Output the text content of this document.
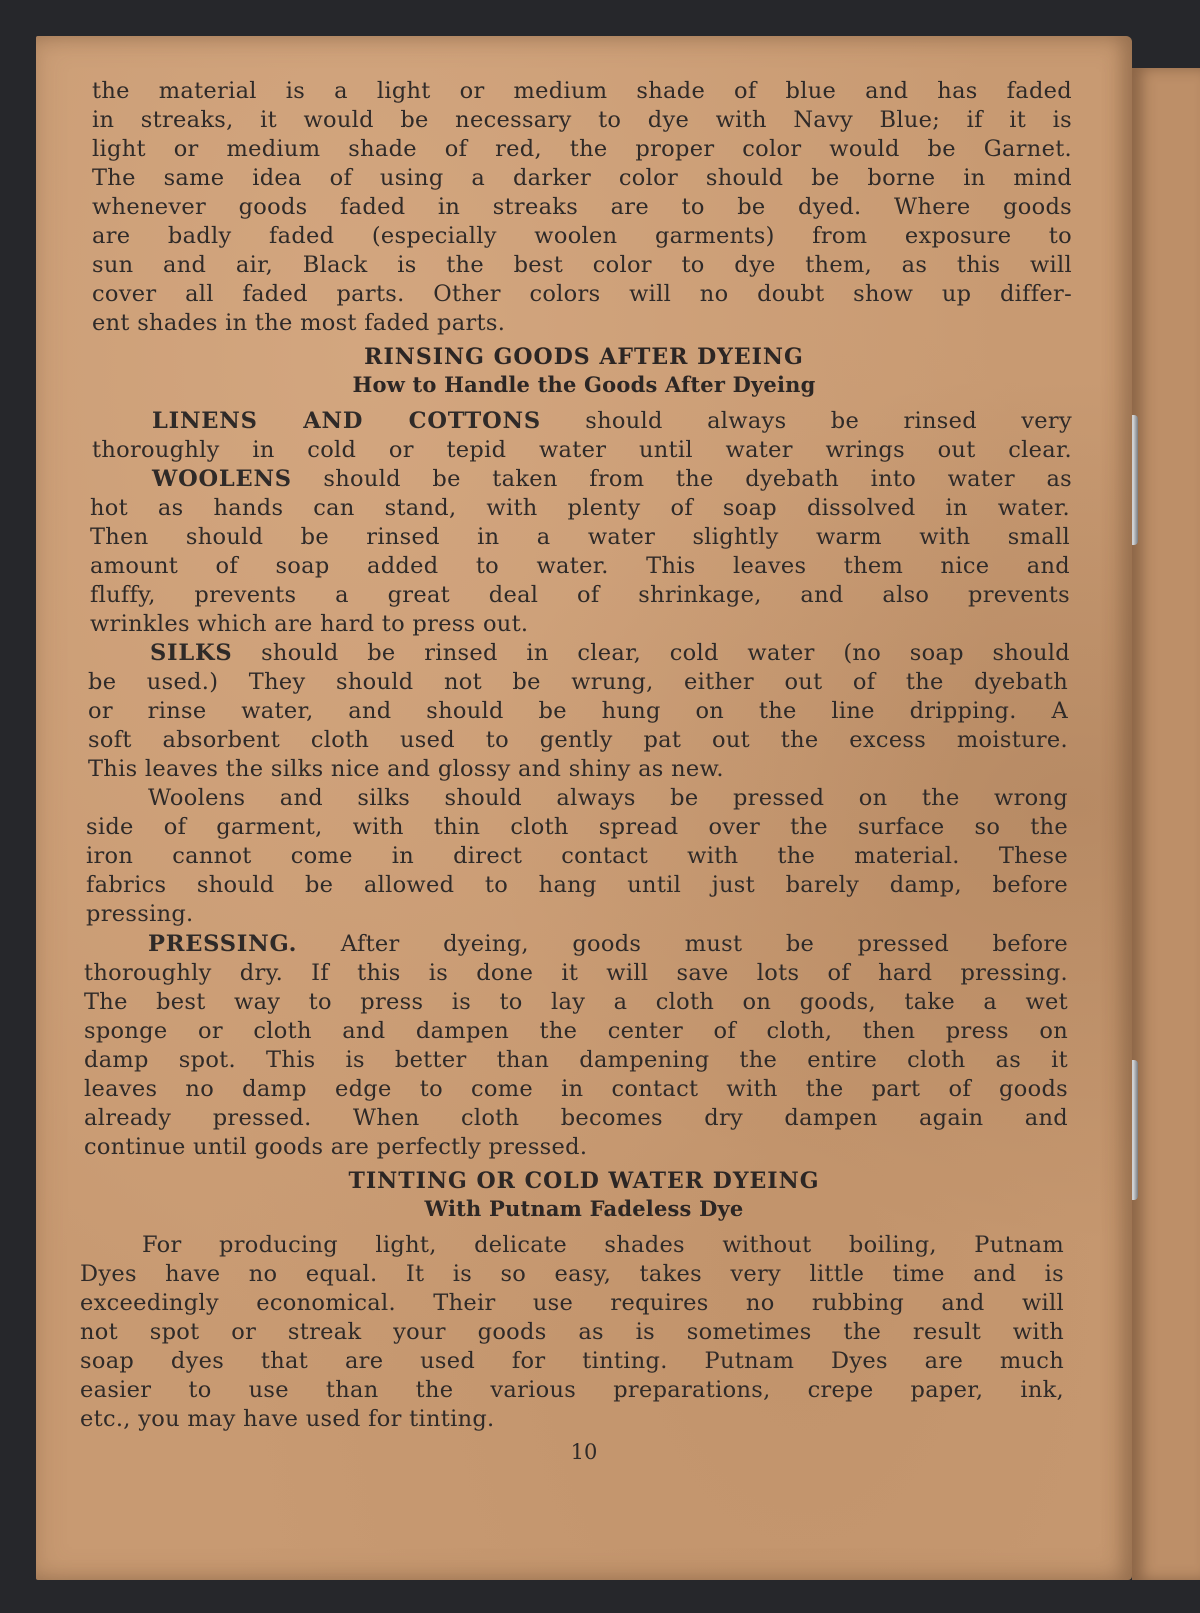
the material is a light or medium shade of blue and has faded
in streaks, it would be necessary to dye with Navy Blue; if it is
light or medium shade of red, the proper color would be Garnet.
The same idea of using a darker color should be borne in mind
whenever goods faded in streaks are to be dyed. Where goods
are badly faded (especially woolen garments) from exposure to
sun and air, Black is the best color to dye them, as this will
cover all faded parts. Other colors will no doubt show up differ-
ent shades in the most faded parts.
RINSING GOODS AFTER DYEING
How to Handle the Goods After Dyeing
LINENS AND COTTONS should always be rinsed very
thoroughly in cold or tepid water until water wrings out clear.
WOOLENS should be taken from the dyebath into water as
hot as hands can stand, with plenty of soap dissolved in water.
Then should be rinsed in a water slightly warm with small
amount of soap added to water. This leaves them nice and
fluffy, prevents a great deal of shrinkage, and also prevents
wrinkles which are hard to press out.
SILKS should be rinsed in clear, cold water (no soap should
be used.) They should not be wrung, either out of the dyebath
or rinse water, and should be hung on the line dripping. A
soft absorbent cloth used to gently pat out the excess moisture.
This leaves the silks nice and glossy and shiny as new.
Woolens and silks should always be pressed on the wrong
side of garment, with thin cloth spread over the surface so the
iron cannot come in direct contact with the material. These
fabrics should be allowed to hang until just barely damp, before
pressing.
PRESSING. After dyeing, goods must be pressed before
thoroughly dry. If this is done it will save lots of hard pressing.
The best way to press is to lay a cloth on goods, take a wet
sponge or cloth and dampen the center of cloth, then press on
damp spot. This is better than dampening the entire cloth as it
leaves no damp edge to come in contact with the part of goods
already pressed. When cloth becomes dry dampen again and
continue until goods are perfectly pressed.
TINTING OR COLD WATER DYEING
With Putnam Fadeless Dye
For producing light, delicate shades without boiling, Putnam
Dyes have no equal. It is so easy, takes very little time and is
exceedingly economical. Their use requires no rubbing and will
not spot or streak your goods as is sometimes the result with
soap dyes that are used for tinting. Putnam Dyes are much
easier to use than the various preparations, crepe paper, ink,
etc., you may have used for tinting.
10
